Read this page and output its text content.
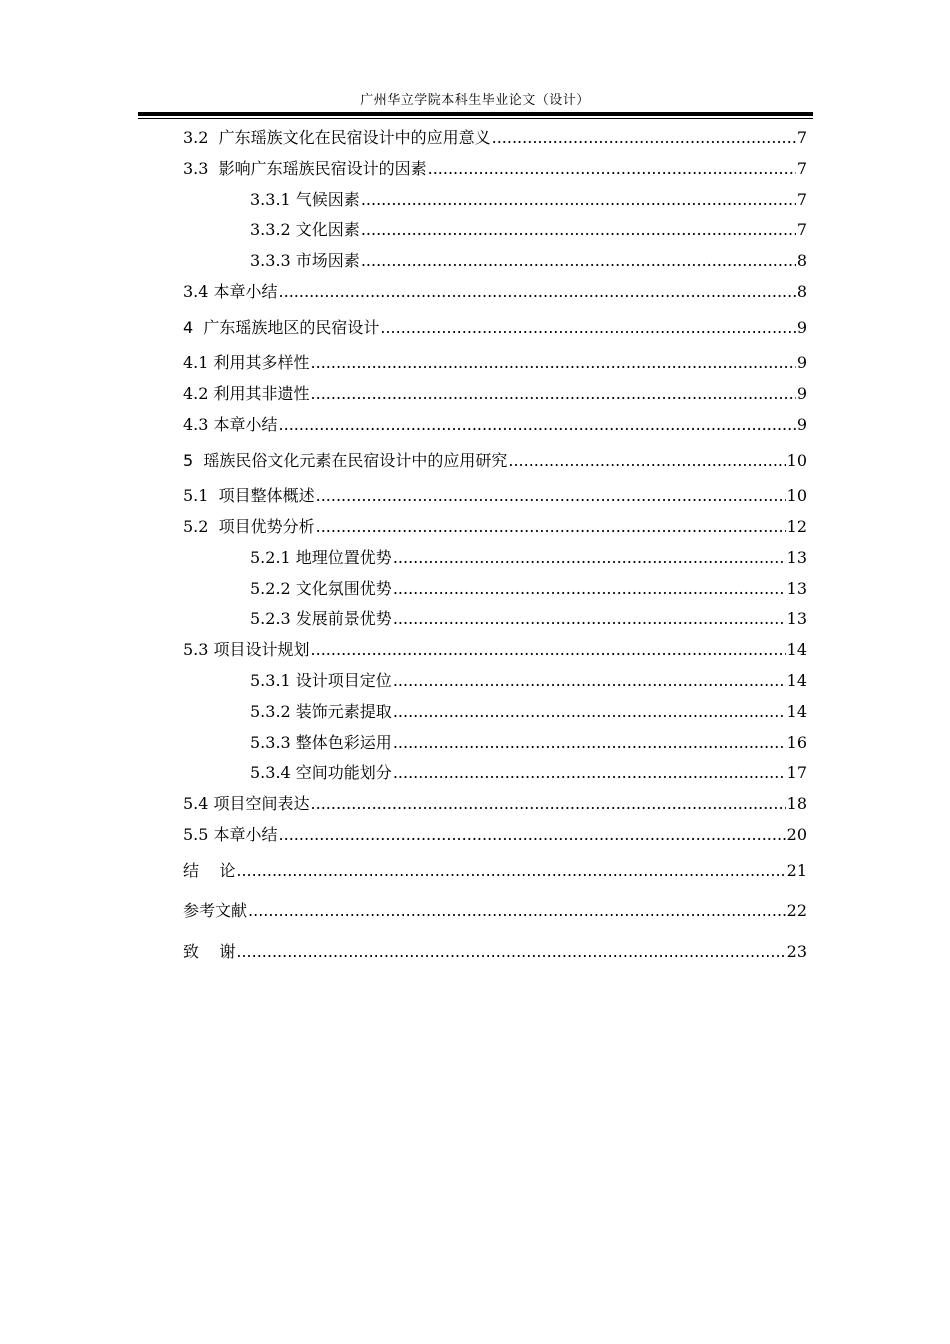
广州华立学院本科生毕业论文（设计）
3.2  广东瑶族文化在民宿设计中的应用意义 .....	7
3.3  影响广东瑶族民宿设计的因素 .....	7
3.3.1 气候因素 .....	7
3.3.2 文化因素 .....	7
3.3.3 市场因素 .....	8
3.4 本章小结 .....	8
4  广东瑶族地区的民宿设计 .....	9
4.1 利用其多样性 .....	9
4.2 利用其非遗性 .....	9
4.3 本章小结 .....	9
5  瑶族民俗文化元素在民宿设计中的应用研究 .....	10
5.1  项目整体概述 .....	10
5.2  项目优势分析 .....	12
5.2.1 地理位置优势 .....	13
5.2.2 文化氛围优势 .....	13
5.2.3 发展前景优势 .....	13
5.3 项目设计规划 .....	14
5.3.1 设计项目定位 .....	14
5.3.2 装饰元素提取 .....	14
5.3.3 整体色彩运用 .....	16
5.3.4 空间功能划分 .....	17
5.4 项目空间表达 .....	18
5.5 本章小结 .....	20
结    论 .....	21
参考文献 .....	22
致    谢 .....	23
